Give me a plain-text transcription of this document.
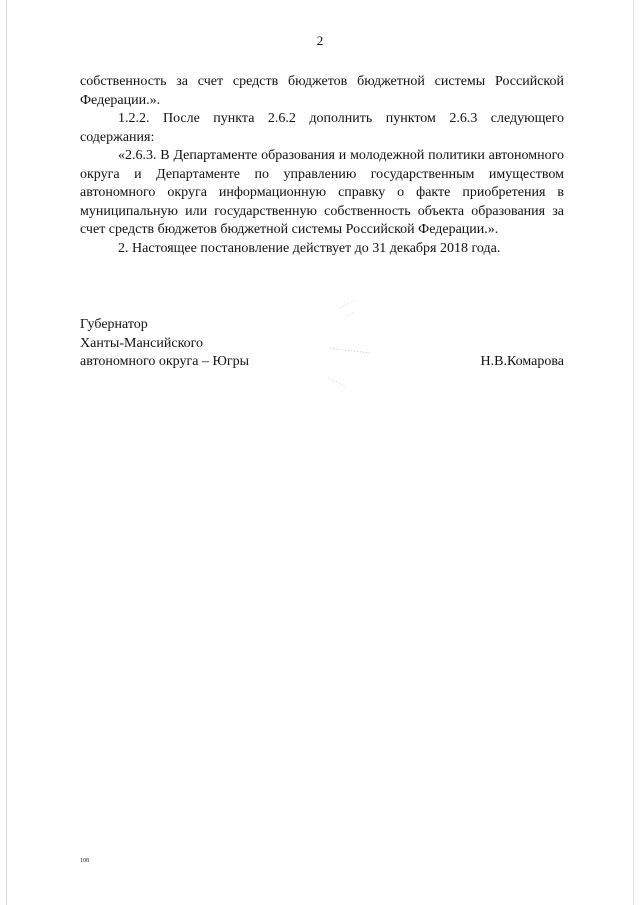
2

собственность за счет средств бюджетов бюджетной системы Российской Федерации.».

1.2.2. После пункта 2.6.2 дополнить пунктом 2.6.3 следующего содержания:

«2.6.3. В Департаменте образования и молодежной политики автономного округа и Департаменте по управлению государственным имуществом автономного округа информационную справку о факте приобретения в муниципальную или государственную собственность объекта образования за счет средств бюджетов бюджетной системы Российской Федерации.».

2. Настоящее постановление действует до 31 декабря 2018 года.

Губернатор
Ханты-Мансийского
автономного округа – Югры	Н.В.Комарова
108
